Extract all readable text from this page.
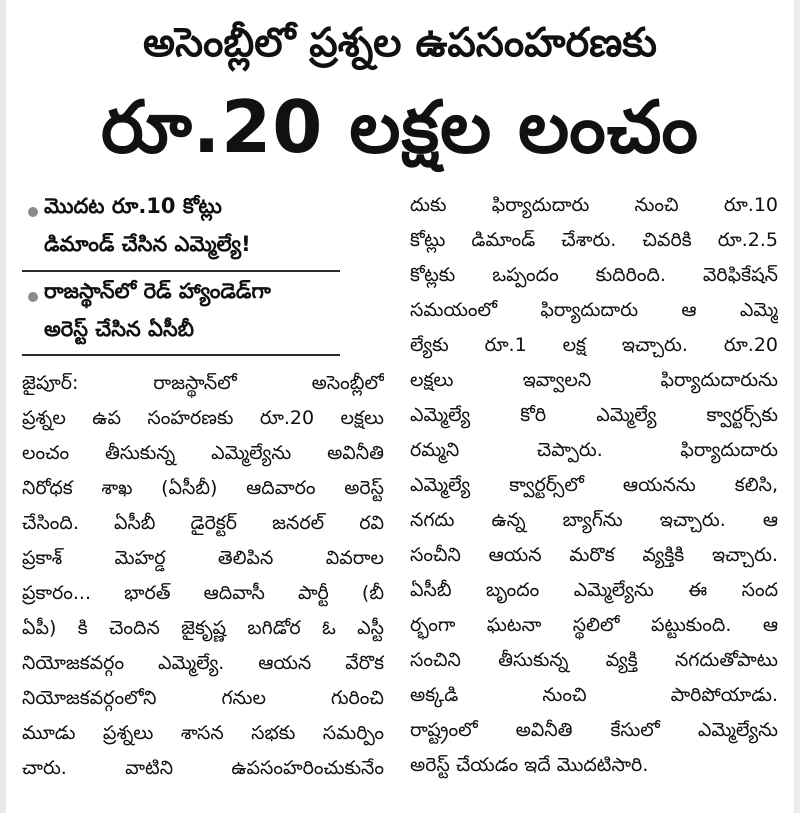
అసెంబ్లీలో ప్రశ్నల ఉపసంహరణకు
రూ.20 లక్షల లంచం
మొదట రూ.10 కోట్లు
డిమాండ్ చేసిన ఎమ్మెల్యే!
రాజస్థాన్‌లో రెడ్ హ్యాండెడ్‌గా
అరెస్ట్ చేసిన ఏసీబీ
జైపూర్: రాజస్థాన్‌లో అసెంబ్లీలో
ప్రశ్నల ఉప సంహరణకు రూ.20 లక్షలు
లంచం తీసుకున్న ఎమ్మెల్యేను అవినీతి
నిరోధక శాఖ (ఏసీబీ) ఆదివారం అరెస్ట్
చేసింది. ఏసీబీ డైరెక్టర్ జనరల్ రవి
ప్రకాశ్ మెహర్డ తెలిపిన వివరాల
ప్రకారం... భారత్ ఆదివాసీ పార్టీ (బీ
ఏపీ) కి చెందిన జైకృష్ణ బగిడోర ఓ ఎస్టీ
నియోజకవర్గం ఎమ్మెల్యే. ఆయన వేరొక
నియోజకవర్గంలోని గనుల గురించి
మూడు ప్రశ్నలు శాసన సభకు సమర్పిం
చారు. వాటిని ఉపసంహరించుకునేం
దుకు ఫిర్యాదుదారు నుంచి రూ.10
కోట్లు డిమాండ్ చేశారు. చివరికి రూ.2.5
కోట్లకు ఒప్పందం కుదిరింది. వెరిఫికేషన్
సమయంలో ఫిర్యాదుదారు ఆ ఎమ్మె
ల్యేకు రూ.1 లక్ష ఇచ్చారు. రూ.20
లక్షలు ఇవ్వాలని ఫిర్యాదుదారును
ఎమ్మెల్యే కోరి ఎమ్మెల్యే క్వార్టర్స్‌కు
రమ్మని చెప్పారు. ఫిర్యాదుదారు
ఎమ్మెల్యే క్వార్టర్స్‌లో ఆయనను కలిసి,
నగదు ఉన్న బ్యాగ్‌ను ఇచ్చారు. ఆ
సంచీని ఆయన మరొక వ్యక్తికి ఇచ్చారు.
ఏసీబీ బృందం ఎమ్మెల్యేను ఈ సంద
ర్భంగా ఘటనా స్థలిలో పట్టుకుంది. ఆ
సంచిని తీసుకున్న వ్యక్తి నగదుతోపాటు
అక్కడి నుంచి పారిపోయాడు.
రాష్ట్రంలో అవినీతి కేసులో ఎమ్మెల్యేను
అరెస్ట్ చేయడం ఇదే మొదటిసారి.
